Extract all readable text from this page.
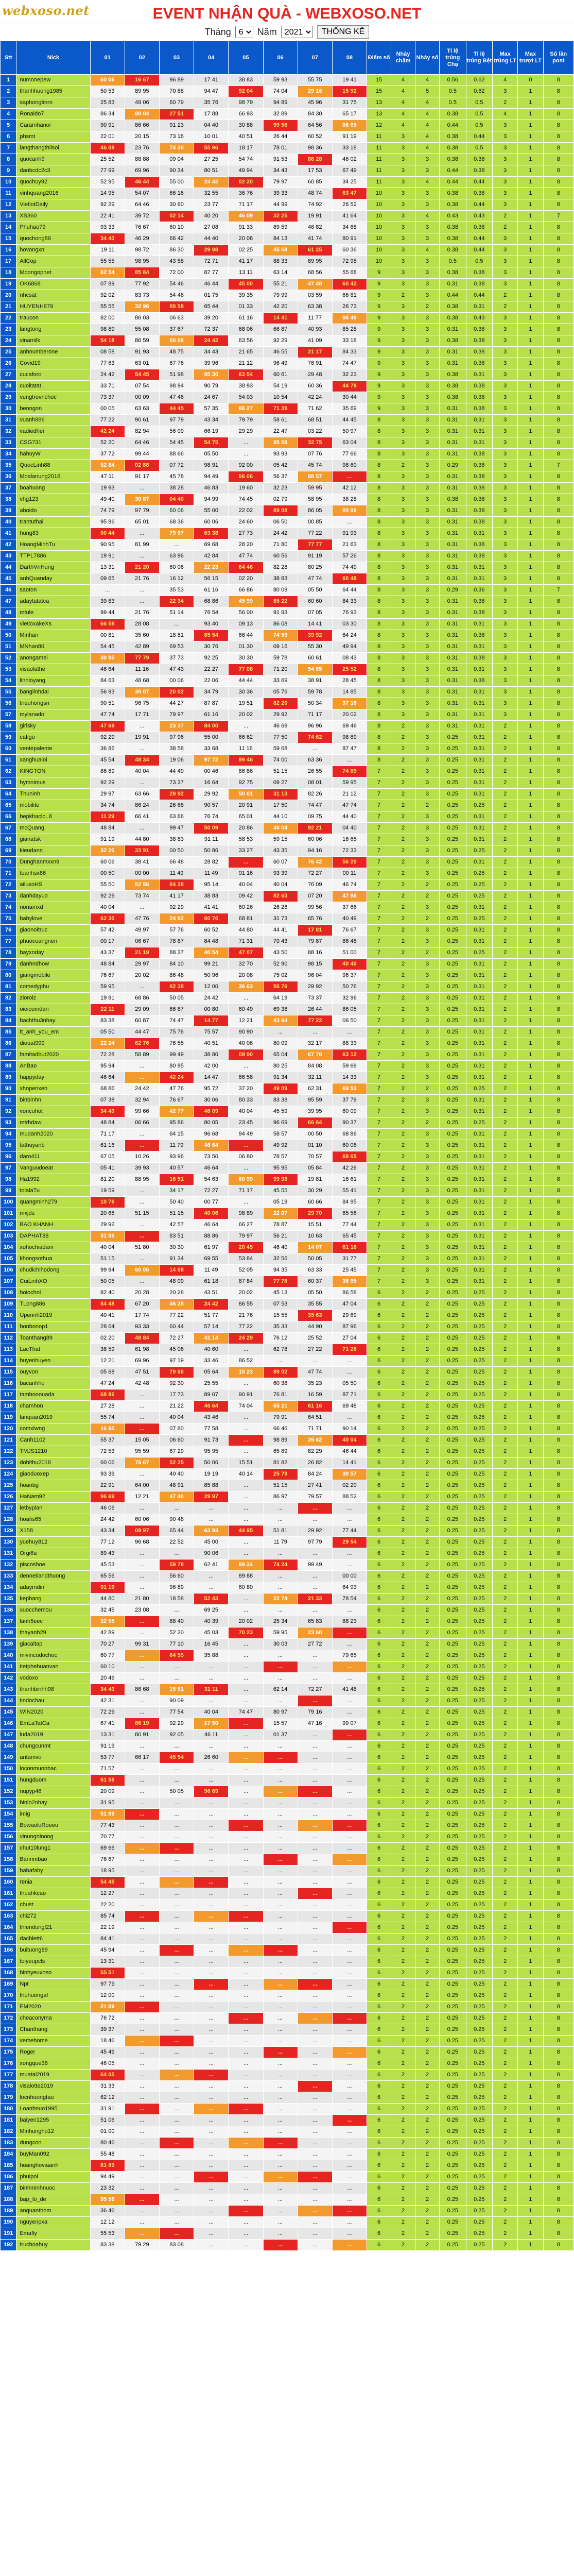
webxoso.net	EVENT NHẬN QUÀ - WEBXOSO.NET
Tháng
6	Năm
2021	THỐNG KÊ
Stt	Nick	01	02	03	04	05	06	07	08	Điểm số	Nháy chấm	Nháy số	Tỉ lệ trúng Chạ	Tỉ lệ trúng Bệt	Max trúng LT	Max trượt LT	Số lần post
1	numonepew	60 06	16 67	96 89	17 41	38 83	59 93	55 75	19 41	15	4	4	0.56	0.62	4	0	8
2	thanhhuong1985	50 53	89 95	70 88	94 47	92 04	74 04	29 16	15 92	15	4	5	0.5	0.62	3	1	8
3	saphongtinrn	25 83	49 06	60 79	35 76	98 79	94 89	45 96	31 75	13	4	4	0.5	0.5	2	1	8
4	Ronaldo7	86 34	80 04	27 51	17 88	66 93	32 89	84 30	65 17	13	4	4	0.38	0.5	4	1	8
5	Caramhanoi	90 91	86 66	91 23	04 40	30 88	99 58	64 56	06 05	12	4	4	0.44	0.5	3	1	8
6	phsmt	22 01	20 15	73 16	10 01	40 51	26 44	60 52	91 19	11	3	4	0.38	0.44	3	1	8
7	langthangthiisoi	46 08	23 76	74 30	55 96	18 17	78 01	98 36	33 18	11	3	4	0.38	0.5	3	1	8
8	quocanh9	25 52	88 88	09 04	27 25	54 74	91 53	88 28	46 02	11	3	3	0.38	0.38	3	1	8
9	danbcdc2c3	77 99	69 96	90 34	80 51	49 94	34 43	17 53	67 49	11	3	3	0.44	0.38	3	1	8
10	quochuy92	52 95	46 44	55 00	24 42	02 20	79 97	60 85	34 25	11	3	4	0.44	0.44	3	1	8
11	vinhquang2016	14 95	54 07	66 16	32 55	36 76	39 33	48 74	63 47	10	3	3	0.38	0.38	3	1	8
12	VietlotDaily	92 29	64 46	30 60	23 77	71 17	44 99	74 92	26 52	10	3	3	0.38	0.44	3	1	8
13	XS360	22 41	39 72	02 14	40 20	46 09	32 25	19 91	41 64	10	3	4	0.43	0.43	2	1	7
14	Phuhao79	93 33	76 67	60 10	27 08	91 33	89 59	46 82	34 68	10	3	3	0.38	0.38	2	1	8
15	quochong89	34 43	46 29	66 42	44 40	20 08	84 13	41 74	80 91	10	3	3	0.38	0.44	3	1	8
16	hovongxn	19 11	98 72	86 30	29 98	02 25	45 68	61 25	60 36	10	3	4	0.38	0.44	3	1	8
17	AllCop	55 55	98 95	43 58	72 71	41 17	88 33	89 95	72 98	10	3	3	0.5	0.5	3	1	8
18	Moongophet	62 54	85 84	72 00	87 77	13 11	63 14	68 56	55 68	9	3	3	0.38	0.38	3	1	8
19	OK6868	07 89	77 92	54 46	46 44	45 00	55 21	47 48	60 42	9	3	3	0.31	0.38	3	1	8
20	nhcsat	92 02	83 73	54 46	01 75	39 35	79 99	03 59	66 81	9	2	3	0.44	0.44	2	1	8
21	HUYENH879	55 55	32 96	80 58	65 44	01 33	42 20	63 38	26 73	9	3	2	0.38	0.31	2	1	8
22	traucon	82 00	86 03	06 63	39 20	61 16	14 41	11 77	98 40	9	3	3	0.38	0.43	3	1	8
23	langtong	98 89	55 08	37 67	72 37	68 06	66 87	40 93	85 28	9	3	3	0.31	0.38	3	1	8
24	vinamilk	54 18	86 59	50 08	24 42	63 56	92 29	41 09	33 18	9	3	3	0.38	0.38	3	1	8
25	anhnumberone	08 58	91 93	48 75	34 43	21 65	46 55	21 17	84 33	9	3	3	0.31	0.38	3	1	8
26	Covid19	77 63	63 01	67 76	39 96	21 12	96 49	76 91	74 47	9	3	3	0.31	0.38	3	1	8
27	cucaforo	24 42	54 45	51 98	85 30	63 54	60 61	29 48	32 23	9	3	3	0.38	0.31	3	1	8
28	cuoitatat	33 71	07 54	98 94	90 79	38 93	54 19	60 36	44 78	9	3	3	0.38	0.38	3	1	8
29	vungtrovnchoc	73 37	00 09	47 46	24 67	54 03	10 54	42 24	30 44	9	3	3	0.38	0.38	3	1	8
30	benngon	00 05	63 63	44 45	57 35	66 27	71 39	71 62	35 69	9	3	3	0.31	0.38	3	1	8
31	vuanh886	77 22	90 61	97 79	43 34	79 79	58 61	68 51	44 45	8	3	3	0.31	0.31	3	1	8
32	vadiedhei	42 24	82 94	56 09	66 19	29 29	22 47	03 22	50 97	8	3	3	0.31	0.31	3	1	8
33	CSG731	52 20	64 46	54 45	54 75	...	95 59	32 75	63 04	8	3	3	0.31	0.31	3	1	8
34	hahuyW	37 72	99 44	88 66	05 50	...	93 93	07 76	77 66	8	3	3	0.31	0.38	3	1	8
35	QuocLinh88	52 84	02 88	07 72	98 91	92 00	05 42	45 74	98 60	8	2	3	0.29	0.36	3	1	7
36	Moalanung2016	47 11	91 17	45 78	94 49	56 06	56 37	88 57	...	8	3	3	0.31	0.38	3	1	8
37	boahuong	19 93	...	38 28	46 83	19 60	32 23	59 95	42 12	8	3	3	0.31	0.38	3	1	8
38	vhg123	49 40	30 87	04 40	94 99	74 45	02 79	58 95	38 28	8	3	3	0.38	0.38	3	1	8
39	aboido	74 79	97 79	60 06	55 00	22 02	89 08	86 05	00 06	8	3	3	0.31	0.38	3	1	8
40	trantuthai	95 86	65 01	68 36	60 06	24 60	06 50	00 85	...	8	3	3	0.31	0.38	3	1	8
41	hung83	00 44	...	79 97	63 38	27 73	24 42	77 22	91 93	8	3	3	0.31	0.31	3	1	8
42	HoangMinhTu	90 95	81 99	...	69 68	28 20	71 80	77 77	21 63	8	3	3	0.31	0.38	3	1	8
43	TTPL7886	19 91	...	63 96	42 84	47 74	60 56	91 19	57 26	8	3	3	0.31	0.38	3	1	8
44	DarthVnHung	13 31	21 20	60 06	22 23	64 46	82 28	80 25	74 49	8	3	3	0.31	0.31	3	1	8
45	anhQuanday	09 65	21 76	16 12	56 15	02 20	38 83	47 74	60 48	8	3	3	0.31	0.31	3	1	8
46	saoton	...	...	35 53	61 16	66 86	80 08	05 50	64 44	8	3	3	0.29	0.36	3	1	7
47	adaytatatca	39 83	...	22 34	68 86	45 99	85 22	60 60	84 33	8	3	3	0.31	0.38	3	1	8
48	mtule	99 44	21 76	51 14	76 54	56 00	91 93	07 05	76 93	8	3	3	0.31	0.38	3	1	8
49	vietloxakeXs	66 59	28 08	...	93 40	09 13	86 08	14 41	03 30	8	3	3	0.31	0.31	3	1	8
50	Minhan	00 81	35 60	18 81	85 54	66 44	74 59	39 92	64 24	8	3	3	0.31	0.38	3	1	8
51	MNhan80	54 45	42 89	69 53	30 76	01 30	09 16	55 30	49 94	8	3	3	0.31	0.31	3	1	8
52	anongamei	30 95	77 79	37 73	92 25	30 30	59 78	60 61	08 43	8	3	3	0.31	0.38	3	1	8
53	visaolathe	46 64	11 16	47 43	22 27	77 08	71 20	54 85	25 52	8	3	3	0.31	0.31	3	1	8
54	linhloyang	84 63	48 68	00 06	22 06	44 44	33 69	38 91	28 45	8	3	3	0.31	0.38	3	1	8
55	banglinhdai	56 93	30 07	20 02	34 79	30 36	05 76	59 78	14 85	8	3	3	0.31	0.31	3	1	8
56	trieuhongsn	90 51	96 75	44 27	87 87	19 51	82 20	50 34	37 16	8	3	3	0.31	0.31	3	1	8
57	mylanado	47 74	17 71	79 97	61 16	20 02	29 92	71 17	20 02	8	3	3	0.31	0.31	3	1	8
58	girlsky	47 69	...	23 37	84 00	...	46 69	96 96	69 46	8	2	3	0.31	0.31	2	1	8
59	cafigo	92 29	19 91	97 96	55 00	66 62	77 50	74 62	98 89	8	2	3	0.25	0.31	2	1	8
60	ventepalente	36 86	...	38 58	33 68	11 16	59 68	...	87 47	8	2	3	0.25	0.31	2	1	8
61	xanghualoi	45 54	48 34	19 06	97 72	99 46	74 00	63 36	...	8	2	3	0.25	0.31	2	1	8
62	KINGTON	86 89	40 04	44 49	00 46	86 86	51 15	26 55	74 89	7	2	3	0.25	0.31	2	1	8
63	hymnimus	92 29	...	73 37	16 64	92 75	09 27	08 01	59 95	7	2	3	0.25	0.31	2	1	8
64	Thuninh	29 97	63 66	29 92	29 92	50 61	31 13	82 26	21 12	7	2	3	0.25	0.31	2	1	8
65	mobilite	34 74	86 24	26 68	90 57	20 91	17 50	74 47	47 74	7	2	2	0.25	0.25	2	1	8
66	bepkhaclo..8	11 29	66 41	63 66	76 74	65 01	44 10	09 75	44 40	7	2	3	0.25	0.31	2	1	8
67	mcQuang	48 84	...	99 47	50 09	20 86	40 04	92 21	04 40	7	2	3	0.25	0.31	2	1	8
68	gianatsk	91 19	44 80	38 83	91 11	58 53	59 15	60 06	16 65	7	2	3	0.25	0.31	2	1	8
69	kieudann	32 20	33 91	00 50	50 86	33 27	43 35	94 16	72 33	7	2	3	0.25	0.25	2	1	8
70	Dunghanmxxn9	60 06	38 41	66 48	28 82	...	60 07	76 42	56 20	7	2	3	0.25	0.31	2	1	8
71	tuanhsx86	00 50	00 00	11 49	11 49	91 16	93 39	72 27	00 11	7	2	3	0.25	0.25	2	1	8
72	ailuxoHS	55 50	52 56	84 28	95 14	40 04	40 04	76 09	46 74	7	2	2	0.25	0.25	2	1	8
73	danhdayuo	92 29	73 74	41 17	38 83	09 42	82 63	07 20	47 86	7	2	2	0.25	0.25	2	1	8
74	nonamxd	40 04	...	92 29	41 41	60 26	26 26	99 56	37 66	7	2	3	0.25	0.31	2	1	8
75	babylove	62 30	47 76	24 62	60 76	68 81	31 73	65 76	40 49	7	2	2	0.25	0.25	2	1	8
76	giaonoitruc	57 42	49 97	57 76	60 52	44 80	44 41	17 81	76 67	7	2	3	0.25	0.31	2	1	8
77	phuocoangnen	00 17	06 67	78 87	84 48	71 31	70 43	79 87	86 48	7	2	3	0.25	0.31	2	1	8
78	bayxoday	43 37	21 19	88 37	40 54	47 07	43 50	88 16	51 00	7	2	2	0.25	0.25	2	1	8
79	danhndhow	48 84	29 97	84 10	99 21	32 70	52 90	98 15	40 40	7	2	3	0.25	0.31	2	1	8
80	giangmobile	76 67	20 02	86 48	50 96	20 08	75 02	96 04	96 37	7	2	3	0.25	0.31	2	1	8
81	comedyphu	59 95	...	82 38	12 00	36 63	56 76	29 92	50 76	7	2	3	0.25	0.31	2	1	8
82	zioroiz	19 91	68 86	50 05	24 42	...	64 19	73 37	32 96	7	2	3	0.25	0.31	2	1	8
83	oioicomdan	22 11	29 09	66 87	00 80	60 49	69 38	26 44	86 05	7	2	3	0.25	0.31	2	1	8
84	bachthu3nhay	83 38	60 87	74 47	14 77	12 21	43 64	77 22	06 50	7	2	3	0.25	0.31	2	1	8
85	tt_anh_you_em	05 50	44 47	75 76	75 57	90 90	...	...	...	7	2	3	0.25	0.31	2	1	8
86	dieuat999	22 24	62 76	76 55	40 51	40 06	80 09	32 17	88 33	7	2	3	0.25	0.31	2	1	8
87	famitadbut2020	72 28	58 89	99 49	38 80	09 90	65 04	67 76	63 12	7	2	3	0.25	0.31	2	1	8
88	AnBao	95 94	...	80 95	42 00	...	80 25	84 08	59 69	7	2	3	0.25	0.31	2	1	8
89	happyday	46 64	...	42 24	14 47	66 58	91 34	32 11	14 33	7	2	3	0.25	0.31	2	1	8
90	xhopenxen	68 86	24 42	47 76	95 72	37 20	49 09	62 31	69 53	7	2	2	0.25	0.25	2	1	8
91	binbinhn	07 38	32 94	76 67	30 06	80 33	83 38	95 59	37 79	7	2	3	0.25	0.31	2	1	8
92	voncuhot	34 43	99 66	42 77	46 09	40 04	45 59	39 95	60 09	7	2	3	0.25	0.31	2	1	8
93	mtrhdaw	48 84	06 66	95 86	80 05	23 45	96 69	66 64	90 37	7	2	2	0.25	0.25	2	1	8
94	mudanh2020	71 17	...	64 15	96 68	94 49	58 57	00 50	68 86	7	2	3	0.25	0.31	2	1	8
95	tathuyanb	61 16	...	11 79	46 64	...	49 92	01 10	60 06	7	2	3	0.25	0.31	2	1	8
96	daro411	67 05	10 26	93 96	73 50	06 80	78 57	70 57	69 65	7	2	3	0.25	0.31	2	1	8
97	Vanguudoeat	05 41	39 93	40 57	46 64	...	95 95	05 84	42 26	7	2	3	0.25	0.31	2	1	8
98	Ha1992	81 20	88 95	16 51	54 63	60 99	99 98	19 81	16 61	7	2	3	0.25	0.31	2	1	8
99	tolalaTu	19 59	...	34 17	72 27	71 17	45 55	30 29	55 41	7	2	3	0.25	0.31	2	1	8
100	quangminh279	10 76	...	50 40	00 77	...	05 19	60 66	84 95	7	2	3	0.25	0.31	2	1	8
101	mxjds	20 68	51 15	51 15	40 06	98 89	22 07	29 70	65 56	7	2	3	0.25	0.31	2	1	8
102	BAO KHANH	29 92	...	42 57	46 64	66 27	78 87	15 51	77 44	7	2	3	0.25	0.31	2	1	8
103	DAPHAT88	31 06	...	83 51	88 86	79 97	56 21	10 63	65 45	7	2	3	0.25	0.31	2	1	8
104	xohochiadam	40 04	51 80	30 30	61 97	20 45	46 40	14 07	61 16	7	2	3	0.25	0.31	2	1	8
105	khongsothua	51 15	...	91 34	69 55	53 84	32 56	50 05	31 77	7	2	3	0.25	0.31	2	1	8
106	chudichihodong	99 94	60 06	14 08	11 49	52 05	94 35	63 33	25 45	7	2	3	0.25	0.31	2	1	8
107	CuiLinhXO	50 05	...	48 09	61 18	87 84	77 78	60 37	36 95	7	2	3	0.25	0.31	2	1	8
108	hoiochoi	82 40	20 28	20 28	43 51	20 02	45 13	05 50	86 58	6	2	2	0.25	0.25	2	1	8
109	TLong886	84 48	67 20	46 28	24 42	86 55	07 53	35 55	47 04	6	2	2	0.25	0.25	2	1	8
110	Upennh2019	40 41	17 74	77 22	51 77	21 76	15 55	35 63	29 69	6	2	2	0.25	0.25	2	1	8
111	bonbonop1	28 64	93 33	60 44	57 14	77 22	35 33	44 90	87 96	6	2	2	0.25	0.25	2	1	8
112	Toanthang89	02 20	48 84	72 27	41 14	24 29	76 12	25 52	27 04	6	2	2	0.25	0.25	2	1	8
113	LacThat	38 59	61 98	45 06	40 60	...	62 78	27 22	71 28	6	2	2	0.25	0.25	2	1	8
114	huyenhuyen	12 21	69 96	97 19	33 46	86 52	...	...	...	6	2	2	0.25	0.25	2	1	8
115	ouyvon	05 68	47 51	79 60	05 64	15 23	89 02	47 74	...	6	2	2	0.25	0.25	2	1	8
116	bacanhhu	47 24	42 48	92 30	25 55	...	60 38	35 23	05 50	6	2	2	0.25	0.25	2	1	8
117	tamhonouada	68 86	...	17 73	89 07	90 91	76 81	16 59	87 71	6	2	2	0.25	0.25	2	1	8
118	chamhon	27 28	...	21 22	46 64	74 04	65 21	61 16	69 48	6	2	2	0.25	0.25	2	1	8
119	lanquan2019	55 74	...	40 04	43 46	...	79 91	64 51	...	6	2	2	0.25	0.25	2	1	8
120	comxiwng	16 95	...	07 80	77 58	...	66 46	71 71	90 14	6	2	2	0.25	0.25	2	1	8
121	Canh1102	55 37	15 05	06 60	91 73	...	98 89	26 62	40 04	6	2	2	0.25	0.25	2	1	8
122	TMJS1210	72 53	95 59	67 29	95 95	...	65 89	82 29	46 44	6	2	2	0.25	0.25	2	1	8
123	dohithu2018	60 06	76 67	52 25	50 06	15 51	81 82	26 82	14 41	6	2	2	0.25	0.25	2	1	8
124	giaoduoxep	93 39	...	40 40	19 19	40 14	25 79	84 24	30 57	6	2	2	0.25	0.25	2	1	8
125	hoanbg	22 91	64 00	48 91	85 88	...	51 15	27 41	02 20	6	2	2	0.25	0.25	2	1	8
126	HaNam92	96 69	12 21	47 40	29 97	...	86 97	79 57	88 52	6	2	2	0.25	0.25	2	1	8
127	letbyplan	46 06	...	...	...	...	...	...	...	6	2	2	0.25	0.25	2	1	8
128	hoafis65	24 42	60 06	90 48	...	...	...	...	...	6	2	2	0.25	0.25	2	1	8
129	X158	43 34	09 97	65 44	63 93	44 95	51 81	29 92	77 44	6	2	2	0.25	0.25	2	1	8
130	yuehuy812	77 12	96 68	22 52	45 00	...	11 79	97 79	29 54	6	2	2	0.25	0.25	2	1	8
131	Orgi6a	89 43	...	...	90 06	...	...	...	...	6	2	2	0.25	0.25	2	1	8
132	piscoshoe	45 53	...	59 78	62 41	89 34	74 24	99 49	...	6	2	2	0.25	0.25	2	1	8
133	dennetiandthuong	65 56	...	56 60	...	89 88	...	...	00 00	6	2	2	0.25	0.25	2	1	8
134	adaymdin	91 19	...	96 89	...	60 80	...	...	64 93	6	2	2	0.25	0.25	2	1	8
135	kepbang	44 80	21 80	18 58	52 43	...	22 74	21 33	78 54	6	2	2	0.25	0.25	2	1	8
136	xuocchemou	32 45	23 08	...	69 25	...	...	...	...	6	2	2	0.25	0.25	2	1	8
137	lanh5eec	32 55	...	88 40	40 39	20 02	25 34	65 83	88 23	6	2	2	0.25	0.25	2	1	8
138	thayanh29	42 89	...	52 20	45 03	70 23	59 95	23 60	...	6	2	2	0.25	0.25	2	1	8
139	giacaltap	70 27	99 31	77 10	16 45	...	30 03	27 72	...	6	2	2	0.25	0.25	2	1	8
140	mivincudochoc	60 77	...	84 55	35 88	...	...	...	79 65	6	2	2	0.25	0.25	2	1	8
141	tietphehuanvan	60 10	...	...	...	...	...	...	...	6	2	2	0.25	0.25	2	1	8
142	vodoxo	20 46	...	...	...	...	...	...	...	6	2	2	0.25	0.25	2	1	8
143	thanhbinhh98	34 43	86 68	15 51	31 11	...	62 14	72 27	41 48	6	2	2	0.25	0.25	2	1	8
144	tindochau	42 31	...	90 09	...	...	...	...	...	6	2	2	0.25	0.25	2	1	8
145	WIN2020	72 29	...	77 54	40 04	74 47	80 97	79 16	...	6	2	2	0.25	0.25	2	1	8
146	EmLaTatCa	67 41	86 19	92 29	17 50	...	15 57	47 16	99 07	6	2	2	0.25	0.25	2	1	8
147	luda2019	13 31	80 91	92 05	46 11	...	01 37	...	...	6	2	2	0.25	0.25	2	1	8
148	chungcunmt	91 19	...	...	...	...	...	...	...	6	2	2	0.25	0.25	2	1	8
149	antamvo	53 77	66 17	45 54	26 60	...	...	...	...	6	2	2	0.25	0.25	2	1	8
150	loconmuonbac	71 57	...	...	...	...	...	...	...	6	2	2	0.25	0.25	2	1	8
151	hungduom	61 56	...	...	...	...	...	...	...	6	2	2	0.25	0.25	2	1	8
152	nupyp48	20 09	...	50 05	96 69	...	...	...	...	6	2	2	0.25	0.25	2	1	8
153	binlo2nhay	31 95	...	...	...	...	...	...	...	6	2	2	0.25	0.25	2	1	8
154	imig	51 89	...	...	...	...	...	...	...	6	2	2	0.25	0.25	2	1	8
155	BowaoluRoeeu	77 43	...	...	...	...	...	...	...	6	2	2	0.25	0.25	2	1	8
156	vinungninong	70 77	...	...	...	...	...	...	...	6	2	2	0.25	0.25	2	1	8
157	chut10lung1	69 66	...	...	...	...	...	...	...	6	2	2	0.25	0.25	2	1	8
158	Bannmbao	76 67	...	...	...	...	...	...	...	6	2	2	0.25	0.25	2	1	8
159	babafaby	18 95	...	...	...	...	...	...	...	6	2	2	0.25	0.25	2	1	8
160	renia	54 45	...	...	...	...	...	...	...	6	2	2	0.25	0.25	2	1	8
161	thuahkcao	12 27	...	...	...	...	...	...	...	6	2	2	0.25	0.25	2	1	8
162	chust	22 20	...	...	...	...	...	...	...	6	2	2	0.25	0.25	2	1	8
163	chi272	85 74	...	...	...	...	...	...	...	6	2	2	0.25	0.25	2	1	8
164	thiendungl21	22 19	...	...	...	...	...	...	...	6	2	2	0.25	0.25	2	1	8
165	dacbiett6	84 41	...	...	...	...	...	...	...	6	2	2	0.25	0.25	2	1	8
166	buituong89	45 94	...	...	...	...	...	...	...	6	2	2	0.25	0.25	2	1	8
167	toiyeupcls	13 31	...	...	...	...	...	...	...	6	2	2	0.25	0.25	2	1	8
168	binhyeuxoso	55 51	...	...	...	...	...	...	...	6	2	2	0.25	0.25	2	1	8
169	Npt	97 79	...	...	...	...	...	...	...	6	2	2	0.25	0.25	2	1	8
170	thuhuongaf	12 00	...	...	...	...	...	...	...	6	2	2	0.25	0.25	2	1	8
171	EM2020	21 09	...	...	...	...	...	...	...	6	2	2	0.25	0.25	2	1	8
172	cheaconyma	76 72	...	...	...	...	...	...	...	6	2	2	0.25	0.25	2	1	8
173	Chanthang	39 37	...	...	...	...	...	...	...	6	2	2	0.25	0.25	2	1	8
174	vemehome	18 46	...	...	...	...	...	...	...	6	2	2	0.25	0.25	2	1	8
175	Roger	45 49	...	...	...	...	...	...	...	6	2	2	0.25	0.25	2	1	8
176	xongque38	46 05	...	...	...	...	...	...	...	6	2	2	0.25	0.25	2	1	8
177	muatai2019	64 05	...	...	...	...	...	...	...	6	2	2	0.25	0.25	2	1	8
178	visalotte2019	31 33	...	...	...	...	...	...	...	6	2	2	0.25	0.25	2	1	8
179	locnhuongtau	62 12	...	...	...	...	...	...	...	6	2	2	0.25	0.25	2	1	8
180	Loanhnuo1995	31 91	...	...	...	...	...	...	...	6	2	2	0.25	0.25	2	1	8
181	baiyen1295	51 06	...	...	...	...	...	...	...	6	2	2	0.25	0.25	2	1	8
182	Minhungho12	01 00	...	...	...	...	...	...	...	6	2	2	0.25	0.25	2	1	8
183	dungcon	80 46	...	...	...	...	...	...	...	6	2	2	0.25	0.25	2	1	8
184	buyMan092	55 48	...	...	...	...	...	...	...	6	2	2	0.25	0.25	2	1	8
185	hoanghoviaanh	81 89	...	...	...	...	...	...	...	6	2	2	0.25	0.25	2	1	8
186	phuipoi	94 49	...	...	...	...	...	...	...	6	2	2	0.25	0.25	2	1	8
187	binhminhnuoc	23 32	...	...	...	...	...	...	...	6	2	2	0.25	0.25	2	1	8
188	bap_lo_de	95 56	...	...	...	...	...	...	...	6	2	2	0.25	0.25	2	1	8
189	anquanthom	36 46	...	...	...	...	...	...	...	6	2	2	0.25	0.25	2	1	8
190	nguyenpxa	12 12	...	...	...	...	...	...	...	6	2	2	0.25	0.25	2	1	8
191	Emafly	55 53	...	...	...	...	...	...	...	6	2	2	0.25	0.25	2	1	8
192	truchoahuy	83 38	79 29	83 08	...	...	...	...	...	6	2	2	0.25	0.25	2	1	8
